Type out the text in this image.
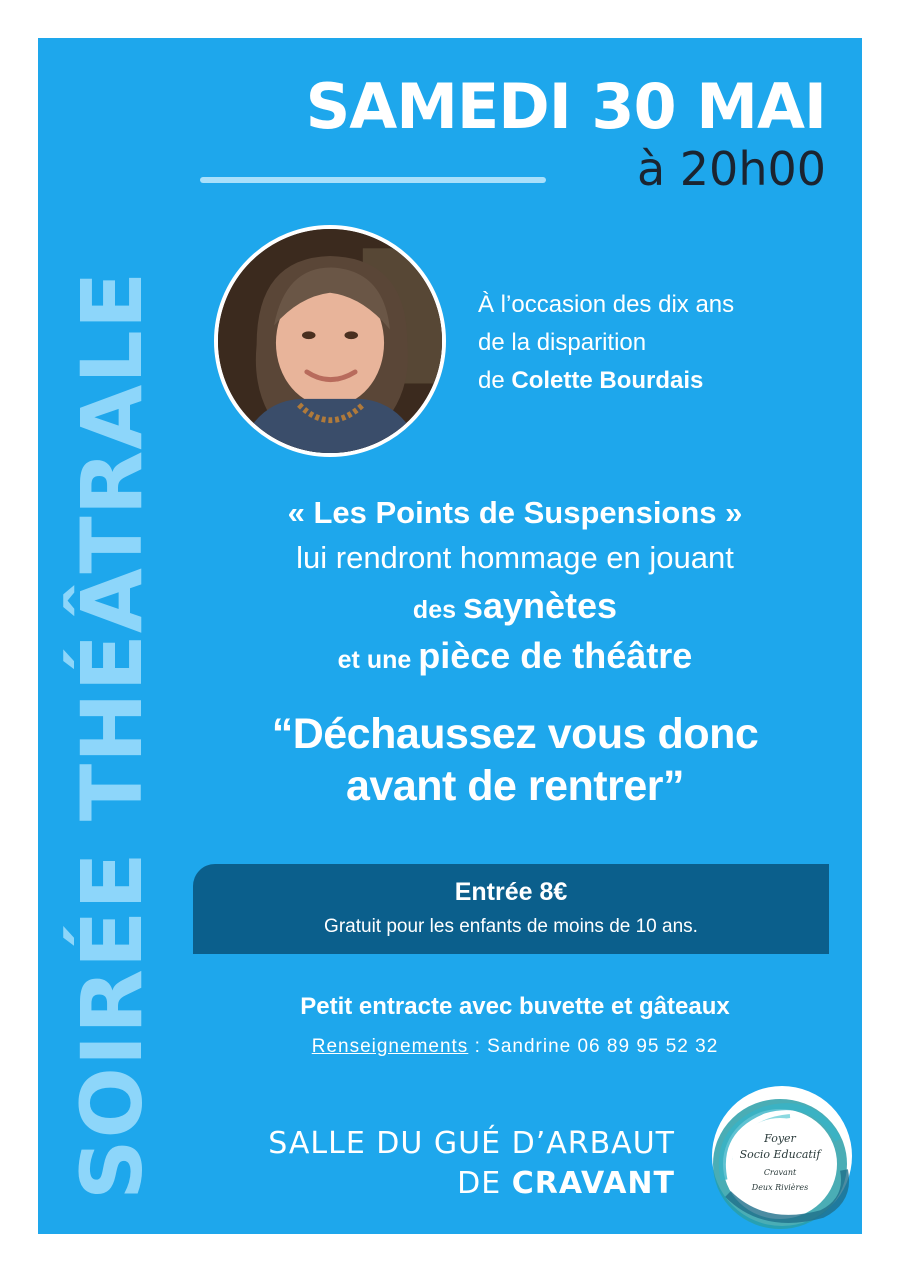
SOIRÉE THÉÂTRALE
SAMEDI 30 MAI
à 20h00
À l’occasion des dix ans
de la disparition
de Colette Bourdais
« Les Points de Suspensions »
lui rendront hommage en jouant
des saynètes
et une pièce de théâtre
“Déchaussez vous donc
avant de rentrer”
Entrée 8€
Gratuit pour les enfants de moins de 10 ans.
Petit entracte avec buvette et gâteaux
Renseignements : Sandrine 06 89 95 52 32
SALLE DU GUÉ D’ARBAUT
DE CRAVANT
Foyer
Socio Educatif
Cravant
Deux Rivières
